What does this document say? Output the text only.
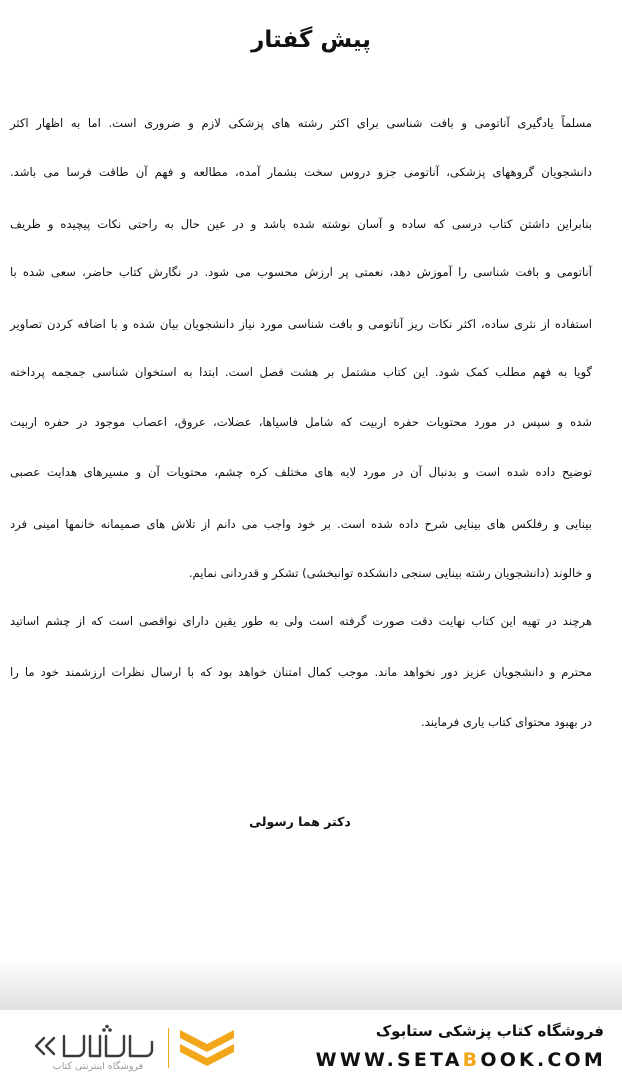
پیش گفتار
مسلماً یادگیری آناتومی و بافت شناسی برای اکثر رشته های پزشکی لازم و ضروری است. اما به اظهار اکثر
دانشجویان گروههای پزشکی، آناتومی جزو دروس سخت بشمار آمده، مطالعه و فهم آن طاقت فرسا می باشد.
بنابراین داشتن کتاب درسی که ساده و آسان نوشته شده باشد و در عین حال به راحتی نکات پیچیده و ظریف
آناتومی و بافت شناسی را آموزش دهد، نعمتی پر ارزش محسوب می شود. در نگارش کتاب حاضر، سعی شده با
استفاده از نثری ساده، اکثر نکات ریز آناتومی و بافت شناسی مورد نیاز دانشجویان بیان شده و با اضافه کردن تصاویر
گویا به فهم مطلب کمک شود. این کتاب مشتمل بر هشت فصل است. ابتدا به استخوان شناسی جمجمه پرداخته
شده و سپس در مورد محتویات حفره اربیت که شامل فاسیاها، عضلات، عروق، اعصاب موجود در حفره اربیت
توضیح داده شده است و بدنبال آن در مورد لایه های مختلف کره چشم، محتویات آن و مسیرهای هدایت عصبی
بینایی و رفلکس های بینایی شرح داده شده است. بر خود واجب می دانم از تلاش های صمیمانه خانمها امینی فرد
و خالوند (دانشجویان رشته بینایی سنجی دانشکده توانبخشی) تشکر و قدردانی نمایم.
هرچند در تهیه این کتاب نهایت دقت صورت گرفته است ولی به طور یقین دارای نواقصی است که از چشم اساتید
محترم و دانشجویان عزیز دور نخواهد ماند. موجب کمال امتنان خواهد بود که با ارسال نظرات ارزشمند خود ما را
در بهبود محتوای کتاب یاری فرمایند.
دکتر هما رسولی
فروشگاه اینترنتی کتاب
فروشگاه کتاب پزشکی ستابوک
WWW.SETABOOK.COM
